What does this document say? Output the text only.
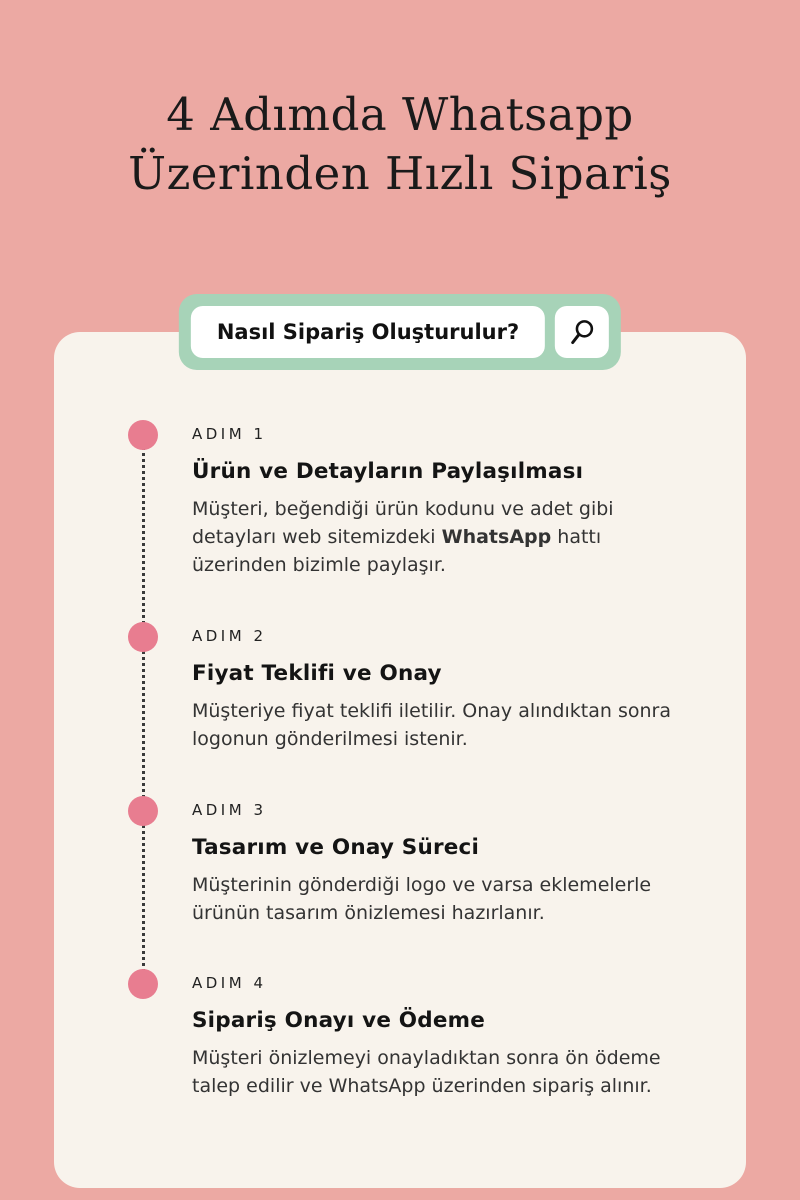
4 Adımda Whatsapp Üzerinden Hızlı Sipariş
ADIM 1
Ürün ve Detayların Paylaşılması
Müşteri, beğendiği ürün kodunu ve adet gibi detayları web sitemizdeki WhatsApp hattı üzerinden bizimle paylaşır.
ADIM 2
Fiyat Teklifi ve Onay
Müşteriye fiyat teklifi iletilir. Onay alındıktan sonra logonun gönderilmesi istenir.
ADIM 3
Tasarım ve Onay Süreci
Müşterinin gönderdiği logo ve varsa eklemelerle ürünün tasarım önizlemesi hazırlanır.
ADIM 4
Sipariş Onayı ve Ödeme
Müşteri önizlemeyi onayladıktan sonra ön ödeme talep edilir ve WhatsApp üzerinden sipariş alınır.
Nasıl Sipariş Oluşturulur?
